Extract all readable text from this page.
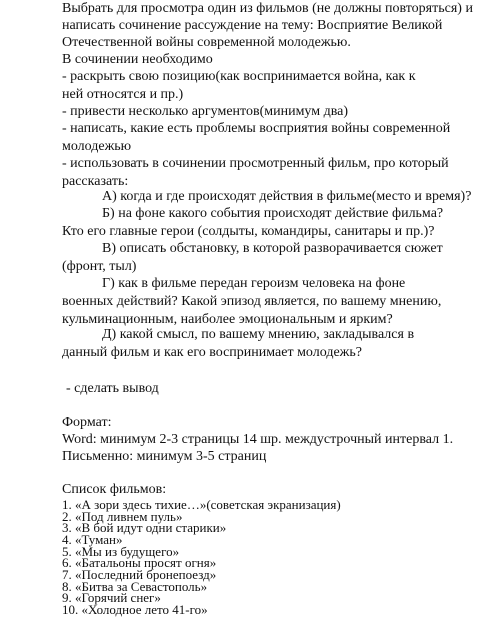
Выбрать для просмотра один из фильмов (не должны повторяться) и
написать сочинение рассуждение на тему: Восприятие Великой
Отечественной войны современной молодежью.
В сочинении необходимо
- раскрыть свою позицию(как воспринимается война, как к ней относятся и пр.)
- привести несколько аргументов(минимум два)
- написать, какие есть проблемы восприятия войны современной молодежью
- использовать в сочинении просмотренный фильм, про который рассказать:
А) когда и где происходят действия в фильме(место и время)?
Б) на фоне какого события происходят действие фильма? Кто его главные герои (солдыты, командиры, санитары и пр.)?
В) описать обстановку, в которой разворачивается сюжет (фронт, тыл)
Г) как в фильме передан героизм человека на фоне военных действий? Какой эпизод является, по вашему мнению, кульминационным, наиболее эмоциональным и ярким?
Д) какой смысл, по вашему мнению, закладывался в данный фильм и как его воспринимает молодежь?
- сделать вывод
Формат:
Word: минимум 2-3 страницы 14 шр. междустрочный интервал 1.
Письменно: минимум 3-5 страниц
Список фильмов:
1. «А зори здесь тихие…»(советская экранизация)
2. «Под ливнем пуль»
3. «В бой идут одни старики»
4. «Туман»
5. «Мы из будущего»
6. «Батальоны просят огня»
7. «Последний бронепоезд»
8. «Битва за Севастополь»
9. «Горячий снег»
10. «Холодное лето 41-го»
